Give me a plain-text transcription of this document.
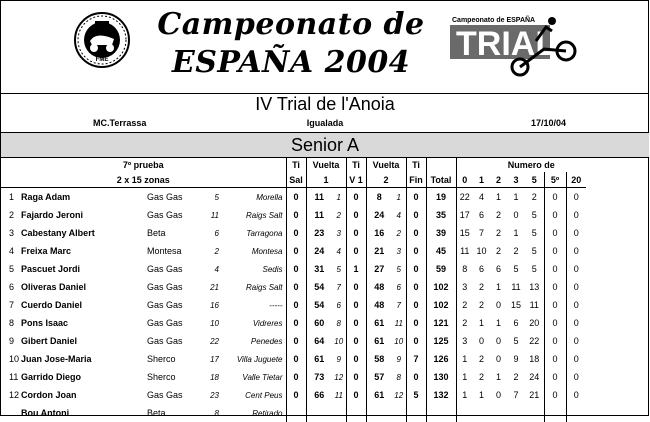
FME
Campeonato de
ESPAÑA 2004
Campeonato de ESPAÑA
TRIAL
IV Trial de l'Anoia
MC.Terrassa	Igualada	17/10/04
Senior A
7º prueba					Ti	Vuelta		Ti	Vuelta		Ti		Numero de						
2 x 15 zonas					Sal	1		V 1	2		Fin	Total	0	1	2	3	5	5º	20
1	Raga Adam	Gas Gas	5	Morella	0	11	1	0	8	1	0	19	22	4	1	1	2	0	0
2	Fajardo Jeroni	Gas Gas	11	Raigs Salt	0	11	2	0	24	4	0	35	17	6	2	0	5	0	0
3	Cabestany Albert	Beta	6	Tarragona	0	23	3	0	16	2	0	39	15	7	2	1	5	0	0
4	Freixa Marc	Montesa	2	Montesa	0	24	4	0	21	3	0	45	11	10	2	2	5	0	0
5	Pascuet Jordi	Gas Gas	4	Sedis	0	31	5	1	27	5	0	59	8	6	6	5	5	0	0
6	Oliveras Daniel	Gas Gas	21	Raigs Salt	0	54	7	0	48	6	0	102	3	2	1	11	13	0	0
7	Cuerdo Daniel	Gas Gas	16	-----	0	54	6	0	48	7	0	102	2	2	0	15	11	0	0
8	Pons Isaac	Gas Gas	10	Vidreres	0	60	8	0	61	11	0	121	2	1	1	6	20	0	0
9	Gibert Daniel	Gas Gas	22	Penedes	0	64	10	0	61	10	0	125	3	0	0	5	22	0	0
10	Juan Jose-Maria	Sherco	17	Villa Juguete	0	61	9	0	58	9	7	126	1	2	0	9	18	0	0
11	Garrido Diego	Sherco	18	Valle Tietar	0	73	12	0	57	8	0	130	1	2	1	2	24	0	0
12	Cordon Joan	Gas Gas	23	Cent Peus	0	66	11	0	61	12	5	132	1	1	0	7	21	0	0
	Bou Antoni	Beta	8	Retirado															
